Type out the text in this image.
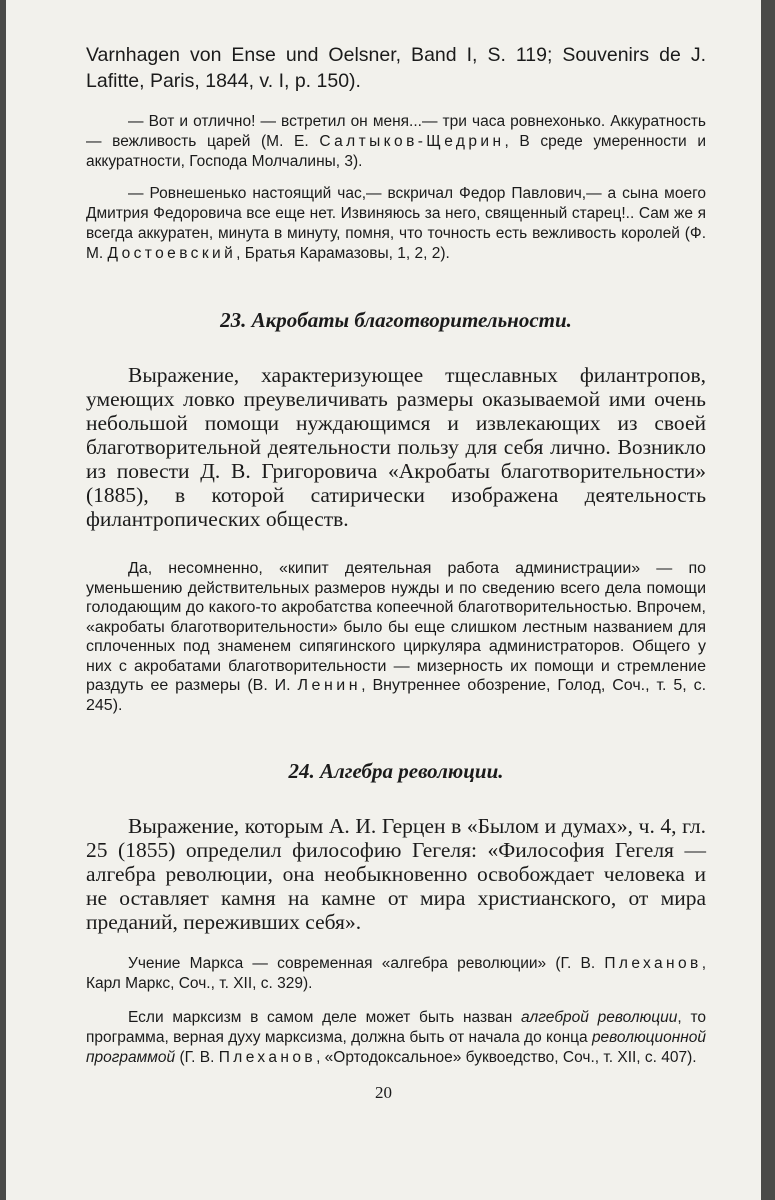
Varnhagen von Ense und Oelsner, Band I, S. 119; Souvenirs de J. Lafitte, Paris, 1844, v. I, p. 150).

— Вот и отлично! — встретил он меня...— три часа ровнехонько. Аккуратность — вежливость царей (М. Е. Салтыков-Щедрин, В среде умеренности и аккуратности, Господа Молчалины, 3).

— Ровнешенько настоящий час,— вскричал Федор Павлович,— а сына моего Дмитрия Федоровича все еще нет. Извиняюсь за него, священный старец!.. Сам же я всегда аккуратен, минута в минуту, помня, что точность есть вежливость королей (Ф. М. Достоевский, Братья Карамазовы, 1, 2, 2).

23. Акробаты благотворительности.

Выражение, характеризующее тщеславных филантропов, умеющих ловко преувеличивать размеры оказываемой ими очень небольшой помощи нуждающимся и извлекающих из своей благотворительной деятельности пользу для себя лично. Возникло из повести Д. В. Григоровича «Акробаты благотворительности» (1885), в которой сатирически изображена деятельность филантропических обществ.

Да, несомненно, «кипит деятельная работа администрации» — по уменьшению действительных размеров нужды и по сведению всего дела помощи голодающим до какого-то акробатства копеечной благотворительностью. Впрочем, «акробаты благотворительности» было бы еще слишком лестным названием для сплоченных под знаменем сипягинского циркуляра администраторов. Общего у них с акробатами благотворительности — мизерность их помощи и стремление раздуть ее размеры (В. И. Ленин, Внутреннее обозрение, Голод, Соч., т. 5, с. 245).

24. Алгебра революции.

Выражение, которым А. И. Герцен в «Былом и думах», ч. 4, гл. 25 (1855) определил философию Гегеля: «Философия Гегеля — алгебра революции, она необыкновенно освобождает человека и не оставляет камня на камне от мира христианского, от мира преданий, переживших себя».

Учение Маркса — современная «алгебра революции» (Г. В. Плеханов, Карл Маркс, Соч., т. XII, с. 329).

Если марксизм в самом деле может быть назван алгеброй революции, то программа, верная духу марксизма, должна быть от начала до конца революционной программой (Г. В. Плеханов, «Ортодоксальное» буквоедство, Соч., т. XII, с. 407).

20
